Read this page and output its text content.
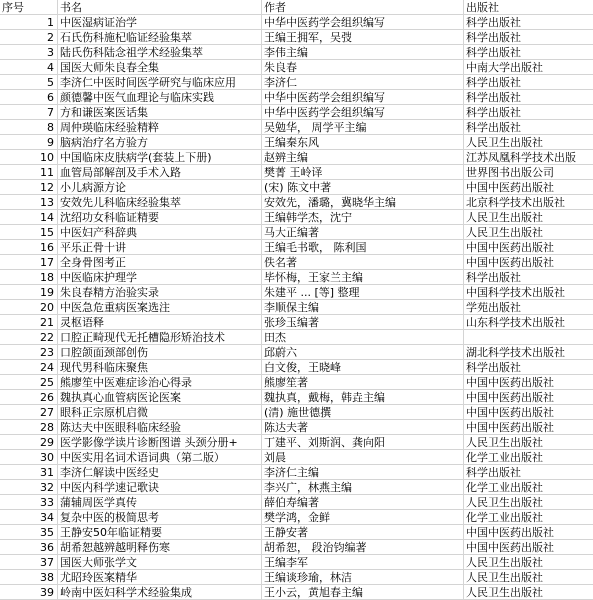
序号	书名	作者	出版社
1 中医湿病证治学	中华中医药学会组织编写	科学出版社
2 石氏伤科施杞临证经验集萃	王编王拥军，吴弢	科学出版社
3 陆氏伤科陆念祖学术经验集萃	李伟主编	科学出版社
4 国医大师朱良春全集	朱良春	中南大学出版社
5 李济仁中医时间医学研究与临床应用	李济仁	科学出版社
6 颜德馨中医气血理论与临床实践	中华中医药学会组织编写	科学出版社
7 方和谦医案医话集	中华中医药学会组织编写	科学出版社
8 周仲瑛临床经验精粹	吴勉华， 周学平主编	科学出版社
9 脑病治疗名方验方	王编秦东风	人民卫生出版社
10 中国临床皮肤病学(套装上下册)	赵辨主编	江苏凤凰科学技术出版
11 血管局部解剖及手术入路	樊菁 王岭译	世界图书出版公司
12 小儿病源方论	(宋) 陈文中著	中国中医药出版社
13 安效先儿科临床经验集萃	安效先，潘璐，冀晓华主编	北京科学技术出版社
14 沈绍功女科临证精要	王编韩学杰，沈宁	人民卫生出版社
15 中医妇产科辞典	马大正编著	人民卫生出版社
16 平乐正骨十讲	王编毛书歌， 陈利国	中国中医药出版社
17 全身骨图考正	佚名著	中国中医药出版社
18 中医临床护理学	毕怀梅，王家兰主编	科学出版社
19 朱良春精方治验实录	朱建平 ... [等] 整理	中国科学技术出版社
20 中医急危重病医案选注	李顺保主编	学苑出版社
21 灵枢语释	张珍玉编著	山东科学技术出版社
22 口腔正畸现代无托槽隐形矫治技术	田杰
23 口腔颌面颈部创伤	邱蔚六	湖北科学技术出版社
24 现代男科临床聚焦	白文俊，王晓峰	科学出版社
25 熊廖笙中医难症诊治心得录	熊廖笙著	中国中医药出版社
26 魏执真心血管病医论医案	魏执真，戴梅，韩垚主编	中国中医药出版社
27 眼科正宗原机启微	(清) 施世德撰	中国中医药出版社
28 陈达夫中医眼科临床经验	陈达夫著	中国中医药出版社
29 医学影像学读片诊断图谱 头颈分册+	丁建平、刘斯润、龚向阳	人民卫生出版社
30 中医实用名词术语词典（第二版）	刘晨	化学工业出版社
31 李济仁解读中医经史	李济仁主编	科学出版社
32 中医内科学速记歌诀	李兴广，林燕主编	化学工业出版社
33 蒲辅周医学真传	薛伯寿编著	人民卫生出版社
34 复杂中医的极简思考	樊学鸿，金鲜	化学工业出版社
35 王静安50年临证精要	王静安著	中国中医药出版社
36 胡希恕越辨越明释伤寒	胡希恕， 段治钧编著	中国中医药出版社
37 国医大师张学文	王编李军	人民卫生出版社
38 尤昭玲医案精华	王编谈珍瑜，林洁	人民卫生出版社
39 岭南中医妇科学术经验集成	王小云，黄旭春主编	人民卫生出版社
